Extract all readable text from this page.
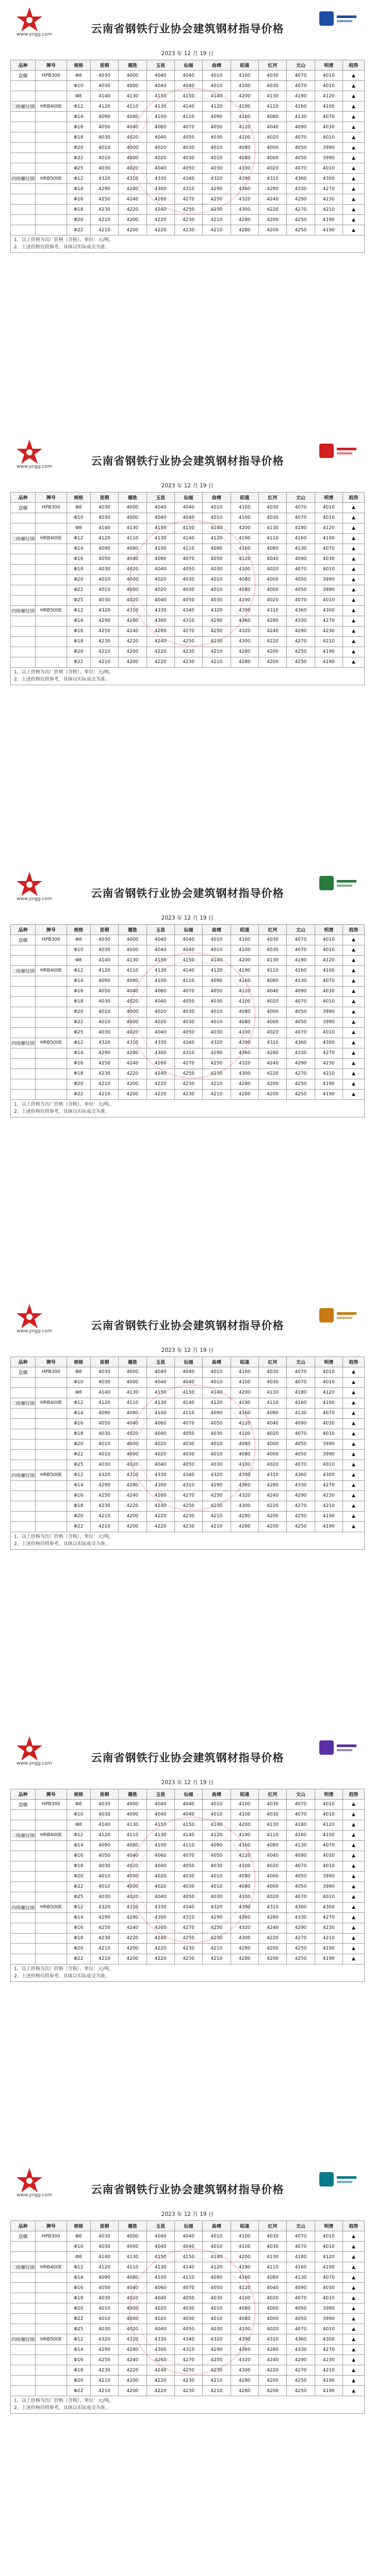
www.yngg.com	云南省钢铁行业协会建筑钢材指导价格
2023 年 12 月 19 日
品种	牌号	规格	昆钢	德胜	玉昆	仙福	曲靖	昭通	红河	文山	明清	趋势
盘螺	HPB300	Φ8	4030	4000	4040	4040	4010	4100	4030	4070	4010	▲
		Φ10	4030	4000	4040	4040	4010	4100	4030	4070	4010	▲
		Φ8	4140	4130	4150	4150	4140	4200	4130	4180	4120	▲
三级螺纹钢	HRB400E	Φ12	4120	4110	4130	4140	4120	4190	4110	4160	4100	▲
		Φ14	4090	4080	4100	4110	4090	4160	4080	4130	4070	▲
		Φ16	4050	4040	4060	4070	4050	4120	4040	4090	4030	▲
		Φ18	4030	4020	4040	4050	4030	4100	4020	4070	4010	▲
		Φ20	4010	4000	4020	4030	4010	4080	4000	4050	3990	▲
		Φ22	4010	4000	4020	4030	4010	4080	4000	4050	3990	▲
		Φ25	4030	4020	4040	4050	4030	4100	4020	4070	4010	▲
四级螺纹钢	HRB500E	Φ12	4320	4310	4330	4340	4320	4390	4310	4360	4300	▲
		Φ14	4290	4280	4300	4310	4290	4360	4280	4330	4270	▲
		Φ16	4250	4240	4260	4270	4250	4320	4240	4290	4230	▲
		Φ18	4230	4220	4240	4250	4230	4300	4220	4270	4210	▲
		Φ20	4210	4200	4220	4230	4210	4280	4200	4250	4190	▲
		Φ22	4210	4200	4220	4230	4210	4280	4200	4250	4190	▲
1、以上价格为出厂价格（含税），单位：元/吨。
2、上述价格仅供参考，具体以实际成交为准。
www.yngg.com	云南省钢铁行业协会建筑钢材指导价格
2023 年 12 月 19 日
品种	牌号	规格	昆钢	德胜	玉昆	仙福	曲靖	昭通	红河	文山	明清	趋势
盘螺	HPB300	Φ8	4030	4000	4040	4040	4010	4100	4030	4070	4010	▲
		Φ10	4030	4000	4040	4040	4010	4100	4030	4070	4010	▲
		Φ8	4140	4130	4150	4150	4140	4200	4130	4180	4120	▲
三级螺纹钢	HRB400E	Φ12	4120	4110	4130	4140	4120	4190	4110	4160	4100	▲
		Φ14	4090	4080	4100	4110	4090	4160	4080	4130	4070	▲
		Φ16	4050	4040	4060	4070	4050	4120	4040	4090	4030	▲
		Φ18	4030	4020	4040	4050	4030	4100	4020	4070	4010	▲
		Φ20	4010	4000	4020	4030	4010	4080	4000	4050	3990	▲
		Φ22	4010	4000	4020	4030	4010	4080	4000	4050	3990	▲
		Φ25	4030	4020	4040	4050	4030	4100	4020	4070	4010	▲
四级螺纹钢	HRB500E	Φ12	4320	4310	4330	4340	4320	4390	4310	4360	4300	▲
		Φ14	4290	4280	4300	4310	4290	4360	4280	4330	4270	▲
		Φ16	4250	4240	4260	4270	4250	4320	4240	4290	4230	▲
		Φ18	4230	4220	4240	4250	4230	4300	4220	4270	4210	▲
		Φ20	4210	4200	4220	4230	4210	4280	4200	4250	4190	▲
		Φ22	4210	4200	4220	4230	4210	4280	4200	4250	4190	▲
1、以上价格为出厂价格（含税），单位：元/吨。
2、上述价格仅供参考，具体以实际成交为准。
www.yngg.com	云南省钢铁行业协会建筑钢材指导价格
2023 年 12 月 19 日
品种	牌号	规格	昆钢	德胜	玉昆	仙福	曲靖	昭通	红河	文山	明清	趋势
盘螺	HPB300	Φ8	4030	4000	4040	4040	4010	4100	4030	4070	4010	▲
		Φ10	4030	4000	4040	4040	4010	4100	4030	4070	4010	▲
		Φ8	4140	4130	4150	4150	4140	4200	4130	4180	4120	▲
三级螺纹钢	HRB400E	Φ12	4120	4110	4130	4140	4120	4190	4110	4160	4100	▲
		Φ14	4090	4080	4100	4110	4090	4160	4080	4130	4070	▲
		Φ16	4050	4040	4060	4070	4050	4120	4040	4090	4030	▲
		Φ18	4030	4020	4040	4050	4030	4100	4020	4070	4010	▲
		Φ20	4010	4000	4020	4030	4010	4080	4000	4050	3990	▲
		Φ22	4010	4000	4020	4030	4010	4080	4000	4050	3990	▲
		Φ25	4030	4020	4040	4050	4030	4100	4020	4070	4010	▲
四级螺纹钢	HRB500E	Φ12	4320	4310	4330	4340	4320	4390	4310	4360	4300	▲
		Φ14	4290	4280	4300	4310	4290	4360	4280	4330	4270	▲
		Φ16	4250	4240	4260	4270	4250	4320	4240	4290	4230	▲
		Φ18	4230	4220	4240	4250	4230	4300	4220	4270	4210	▲
		Φ20	4210	4200	4220	4230	4210	4280	4200	4250	4190	▲
		Φ22	4210	4200	4220	4230	4210	4280	4200	4250	4190	▲
1、以上价格为出厂价格（含税），单位：元/吨。
2、上述价格仅供参考，具体以实际成交为准。
www.yngg.com	云南省钢铁行业协会建筑钢材指导价格
2023 年 12 月 19 日
品种	牌号	规格	昆钢	德胜	玉昆	仙福	曲靖	昭通	红河	文山	明清	趋势
盘螺	HPB300	Φ8	4030	4000	4040	4040	4010	4100	4030	4070	4010	▲
		Φ10	4030	4000	4040	4040	4010	4100	4030	4070	4010	▲
		Φ8	4140	4130	4150	4150	4140	4200	4130	4180	4120	▲
三级螺纹钢	HRB400E	Φ12	4120	4110	4130	4140	4120	4190	4110	4160	4100	▲
		Φ14	4090	4080	4100	4110	4090	4160	4080	4130	4070	▲
		Φ16	4050	4040	4060	4070	4050	4120	4040	4090	4030	▲
		Φ18	4030	4020	4040	4050	4030	4100	4020	4070	4010	▲
		Φ20	4010	4000	4020	4030	4010	4080	4000	4050	3990	▲
		Φ22	4010	4000	4020	4030	4010	4080	4000	4050	3990	▲
		Φ25	4030	4020	4040	4050	4030	4100	4020	4070	4010	▲
四级螺纹钢	HRB500E	Φ12	4320	4310	4330	4340	4320	4390	4310	4360	4300	▲
		Φ14	4290	4280	4300	4310	4290	4360	4280	4330	4270	▲
		Φ16	4250	4240	4260	4270	4250	4320	4240	4290	4230	▲
		Φ18	4230	4220	4240	4250	4230	4300	4220	4270	4210	▲
		Φ20	4210	4200	4220	4230	4210	4280	4200	4250	4190	▲
		Φ22	4210	4200	4220	4230	4210	4280	4200	4250	4190	▲
1、以上价格为出厂价格（含税），单位：元/吨。
2、上述价格仅供参考，具体以实际成交为准。
www.yngg.com	云南省钢铁行业协会建筑钢材指导价格
2023 年 12 月 19 日
品种	牌号	规格	昆钢	德胜	玉昆	仙福	曲靖	昭通	红河	文山	明清	趋势
盘螺	HPB300	Φ8	4030	4000	4040	4040	4010	4100	4030	4070	4010	▲
		Φ10	4030	4000	4040	4040	4010	4100	4030	4070	4010	▲
		Φ8	4140	4130	4150	4150	4140	4200	4130	4180	4120	▲
三级螺纹钢	HRB400E	Φ12	4120	4110	4130	4140	4120	4190	4110	4160	4100	▲
		Φ14	4090	4080	4100	4110	4090	4160	4080	4130	4070	▲
		Φ16	4050	4040	4060	4070	4050	4120	4040	4090	4030	▲
		Φ18	4030	4020	4040	4050	4030	4100	4020	4070	4010	▲
		Φ20	4010	4000	4020	4030	4010	4080	4000	4050	3990	▲
		Φ22	4010	4000	4020	4030	4010	4080	4000	4050	3990	▲
		Φ25	4030	4020	4040	4050	4030	4100	4020	4070	4010	▲
四级螺纹钢	HRB500E	Φ12	4320	4310	4330	4340	4320	4390	4310	4360	4300	▲
		Φ14	4290	4280	4300	4310	4290	4360	4280	4330	4270	▲
		Φ16	4250	4240	4260	4270	4250	4320	4240	4290	4230	▲
		Φ18	4230	4220	4240	4250	4230	4300	4220	4270	4210	▲
		Φ20	4210	4200	4220	4230	4210	4280	4200	4250	4190	▲
		Φ22	4210	4200	4220	4230	4210	4280	4200	4250	4190	▲
1、以上价格为出厂价格（含税），单位：元/吨。
2、上述价格仅供参考，具体以实际成交为准。
www.yngg.com	云南省钢铁行业协会建筑钢材指导价格
2023 年 12 月 19 日
品种	牌号	规格	昆钢	德胜	玉昆	仙福	曲靖	昭通	红河	文山	明清	趋势
盘螺	HPB300	Φ8	4030	4000	4040	4040	4010	4100	4030	4070	4010	▲
		Φ10	4030	4000	4040	4040	4010	4100	4030	4070	4010	▲
		Φ8	4140	4130	4150	4150	4140	4200	4130	4180	4120	▲
三级螺纹钢	HRB400E	Φ12	4120	4110	4130	4140	4120	4190	4110	4160	4100	▲
		Φ14	4090	4080	4100	4110	4090	4160	4080	4130	4070	▲
		Φ16	4050	4040	4060	4070	4050	4120	4040	4090	4030	▲
		Φ18	4030	4020	4040	4050	4030	4100	4020	4070	4010	▲
		Φ20	4010	4000	4020	4030	4010	4080	4000	4050	3990	▲
		Φ22	4010	4000	4020	4030	4010	4080	4000	4050	3990	▲
		Φ25	4030	4020	4040	4050	4030	4100	4020	4070	4010	▲
四级螺纹钢	HRB500E	Φ12	4320	4310	4330	4340	4320	4390	4310	4360	4300	▲
		Φ14	4290	4280	4300	4310	4290	4360	4280	4330	4270	▲
		Φ16	4250	4240	4260	4270	4250	4320	4240	4290	4230	▲
		Φ18	4230	4220	4240	4250	4230	4300	4220	4270	4210	▲
		Φ20	4210	4200	4220	4230	4210	4280	4200	4250	4190	▲
		Φ22	4210	4200	4220	4230	4210	4280	4200	4250	4190	▲
1、以上价格为出厂价格（含税），单位：元/吨。
2、上述价格仅供参考，具体以实际成交为准。
